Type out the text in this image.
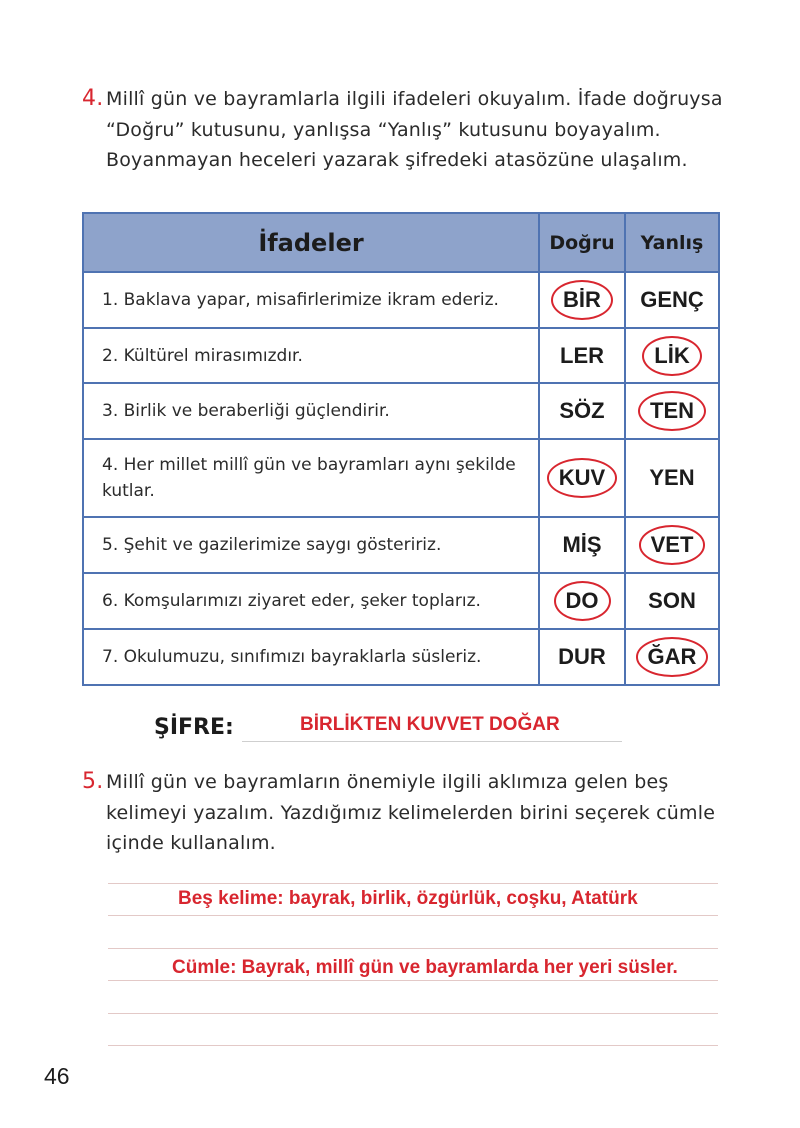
4. Millî gün ve bayramlarla ilgili ifadeleri okuyalım. İfade doğruysa “Doğru” kutusunu, yanlışsa “Yanlış” kutusunu boyayalım. Boyanmayan heceleri yazarak şifredeki atasözüne ulaşalım.
İfadeler	Doğru	Yanlış
1. Baklava yapar, misafirlerimize ikram ederiz.	BİR	GENÇ
2. Kültürel mirasımızdır.	LER	LİK
3. Birlik ve beraberliği güçlendirir.	SÖZ	TEN
4. Her millet millî gün ve bayramları aynı şekilde kutlar.	KUV	YEN
5. Şehit ve gazilerimize saygı gösteririz.	MİŞ	VET
6. Komşularımızı ziyaret eder, şeker toplarız.	DO	SON
7. Okulumuzu, sınıfımızı bayraklarla süsleriz.	DUR	ĞAR
ŞİFRE:	BİRLİKTEN KUVVET DOĞAR
5. Millî gün ve bayramların önemiyle ilgili aklımıza gelen beş kelimeyi yazalım. Yazdığımız kelimelerden birini seçerek cümle içinde kullanalım.
Beş kelime: bayrak, birlik, özgürlük, coşku, Atatürk
Cümle: Bayrak, millî gün ve bayramlarda her yeri süsler.
46
